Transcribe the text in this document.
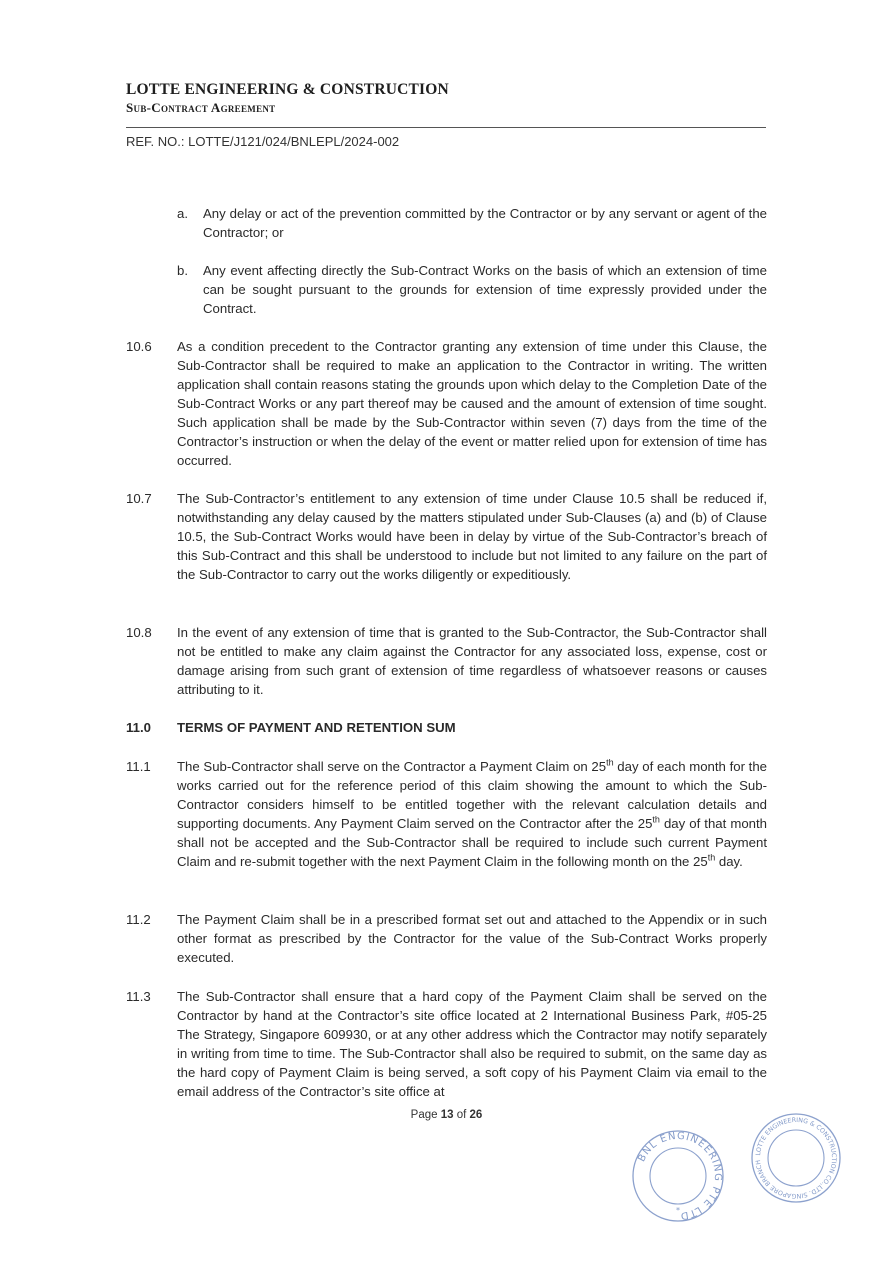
LOTTE ENGINEERING & CONSTRUCTION
Sub-Contract Agreement
REF. NO.: LOTTE/J121/024/BNLEPL/2024-002
a. Any delay or act of the prevention committed by the Contractor or by any servant or agent of the Contractor; or
b. Any event affecting directly the Sub-Contract Works on the basis of which an extension of time can be sought pursuant to the grounds for extension of time expressly provided under the Contract.
10.6 As a condition precedent to the Contractor granting any extension of time under this Clause, the Sub-Contractor shall be required to make an application to the Contractor in writing. The written application shall contain reasons stating the grounds upon which delay to the Completion Date of the Sub-Contract Works or any part thereof may be caused and the amount of extension of time sought. Such application shall be made by the Sub-Contractor within seven (7) days from the time of the Contractor’s instruction or when the delay of the event or matter relied upon for extension of time has occurred.
10.7 The Sub-Contractor’s entitlement to any extension of time under Clause 10.5 shall be reduced if, notwithstanding any delay caused by the matters stipulated under Sub-Clauses (a) and (b) of Clause 10.5, the Sub-Contract Works would have been in delay by virtue of the Sub-Contractor’s breach of this Sub-Contract and this shall be understood to include but not limited to any failure on the part of the Sub-Contractor to carry out the works diligently or expeditiously.
10.8 In the event of any extension of time that is granted to the Sub-Contractor, the Sub-Contractor shall not be entitled to make any claim against the Contractor for any associated loss, expense, cost or damage arising from such grant of extension of time regardless of whatsoever reasons or causes attributing to it.
11.0 TERMS OF PAYMENT AND RETENTION SUM
11.1 The Sub-Contractor shall serve on the Contractor a Payment Claim on 25th day of each month for the works carried out for the reference period of this claim showing the amount to which the Sub-Contractor considers himself to be entitled together with the relevant calculation details and supporting documents. Any Payment Claim served on the Contractor after the 25th day of that month shall not be accepted and the Sub-Contractor shall be required to include such current Payment Claim and re-submit together with the next Payment Claim in the following month on the 25th day.
11.2 The Payment Claim shall be in a prescribed format set out and attached to the Appendix or in such other format as prescribed by the Contractor for the value of the Sub-Contract Works properly executed.
11.3 The Sub-Contractor shall ensure that a hard copy of the Payment Claim shall be served on the Contractor by hand at the Contractor’s site office located at 2 International Business Park, #05-25 The Strategy, Singapore 609930, or at any other address which the Contractor may notify separately in writing from time to time. The Sub-Contractor shall also be required to submit, on the same day as the hard copy of Payment Claim is being served, a soft copy of his Payment Claim via email to the email address of the Contractor’s site office at
Page 13 of 26
BNL ENGINEERING PTE LTD
*
LOTTE ENGINEERING & CONSTRUCTION CO.,LTD. SINGAPORE BRANCH
